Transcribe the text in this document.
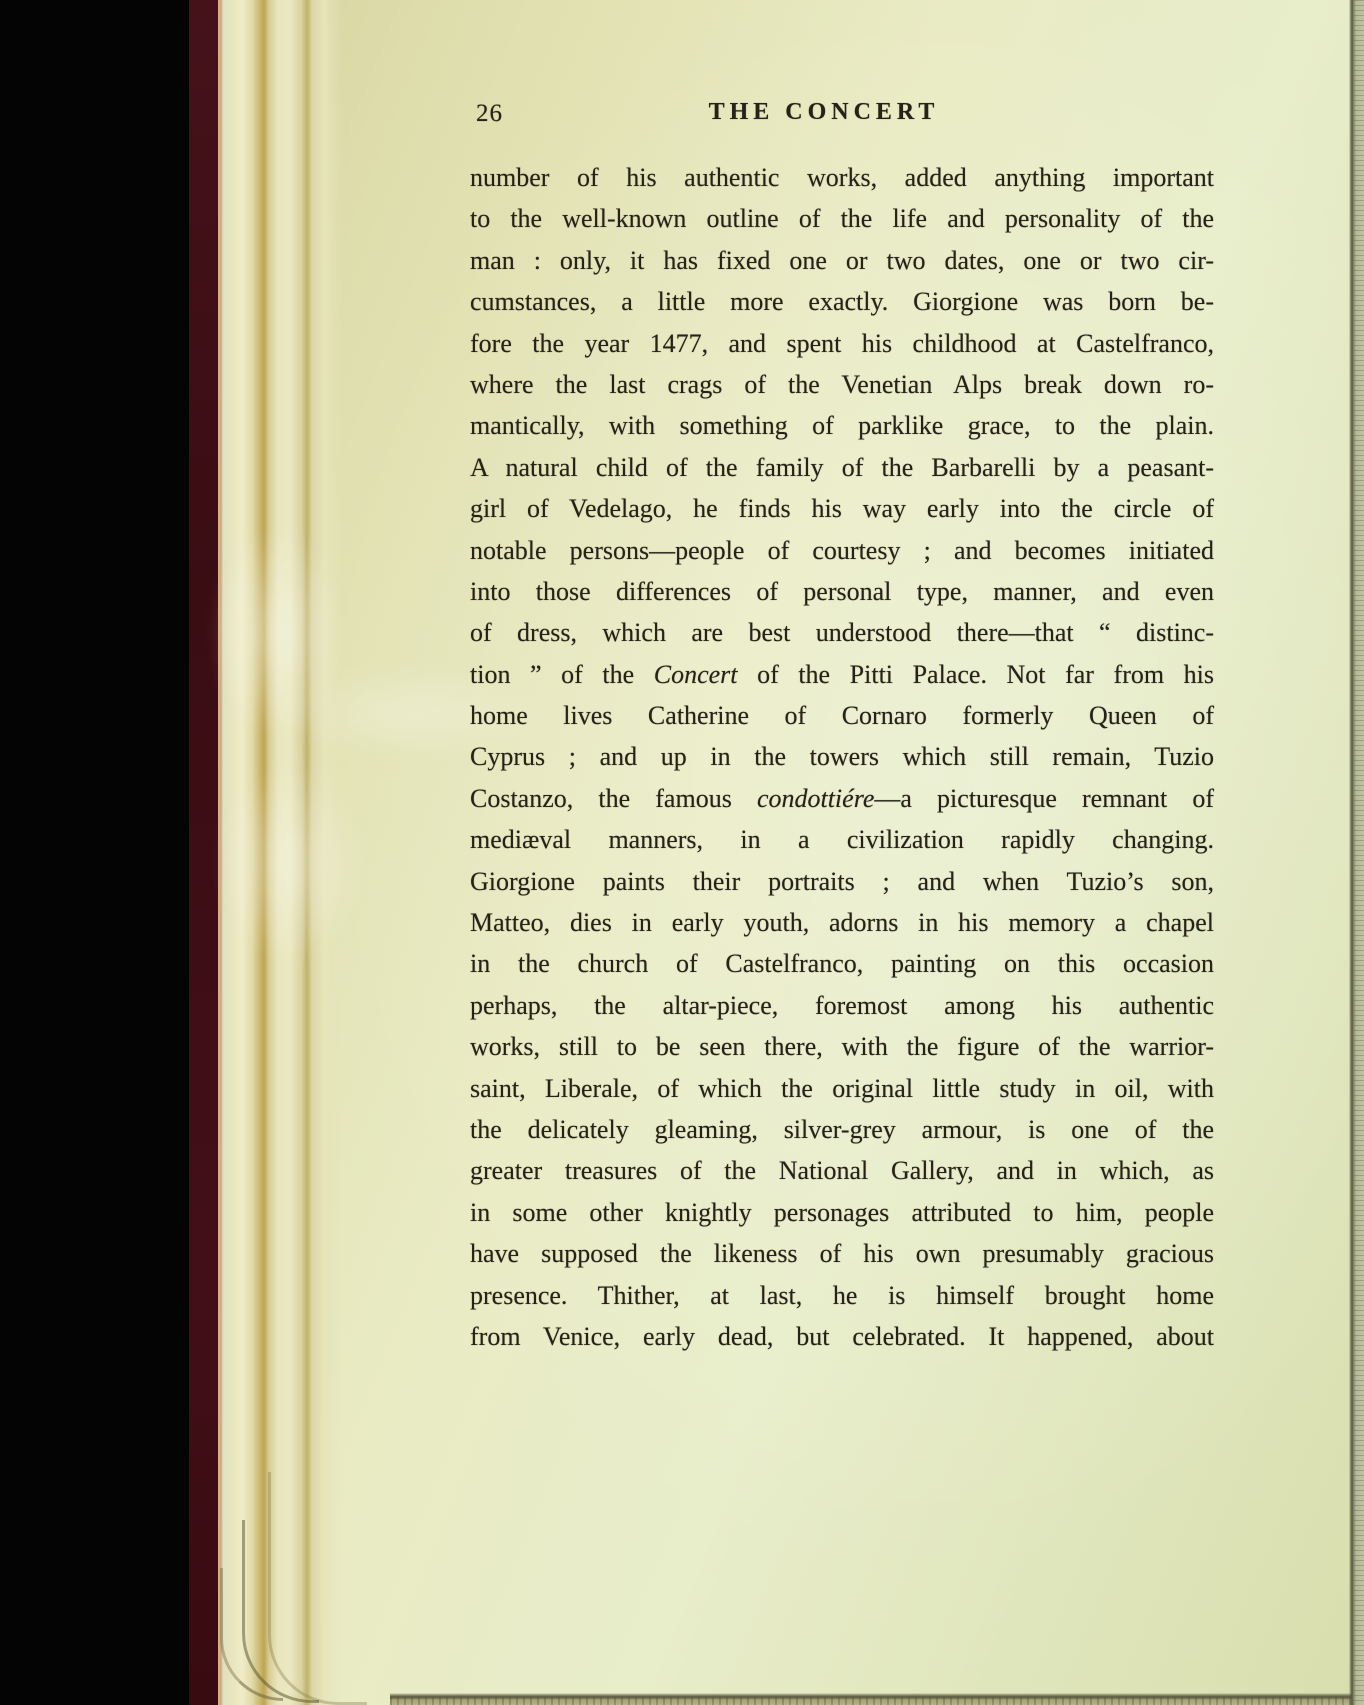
26	THE CONCERT
number of his authentic works, added anything important
to the well-known outline of the life and personality of the
man : only, it has fixed one or two dates, one or two cir-
cumstances, a little more exactly. Giorgione was born be-
fore the year 1477, and spent his childhood at Castelfranco,
where the last crags of the Venetian Alps break down ro-
mantically, with something of parklike grace, to the plain.
A natural child of the family of the Barbarelli by a peasant-
girl of Vedelago, he finds his way early into the circle of
notable persons—people of courtesy ; and becomes initiated
into those differences of personal type, manner, and even
of dress, which are best understood there—that “ distinc-
tion ” of the Concert of the Pitti Palace. Not far from his
home lives Catherine of Cornaro formerly Queen of
Cyprus ; and up in the towers which still remain, Tuzio
Costanzo, the famous condottiére—a picturesque remnant of
mediæval manners, in a civilization rapidly changing.
Giorgione paints their portraits ; and when Tuzio’s son,
Matteo, dies in early youth, adorns in his memory a chapel
in the church of Castelfranco, painting on this occasion
perhaps, the altar-piece, foremost among his authentic
works, still to be seen there, with the figure of the warrior-
saint, Liberale, of which the original little study in oil, with
the delicately gleaming, silver-grey armour, is one of the
greater treasures of the National Gallery, and in which, as
in some other knightly personages attributed to him, people
have supposed the likeness of his own presumably gracious
presence. Thither, at last, he is himself brought home
from Venice, early dead, but celebrated. It happened, about
